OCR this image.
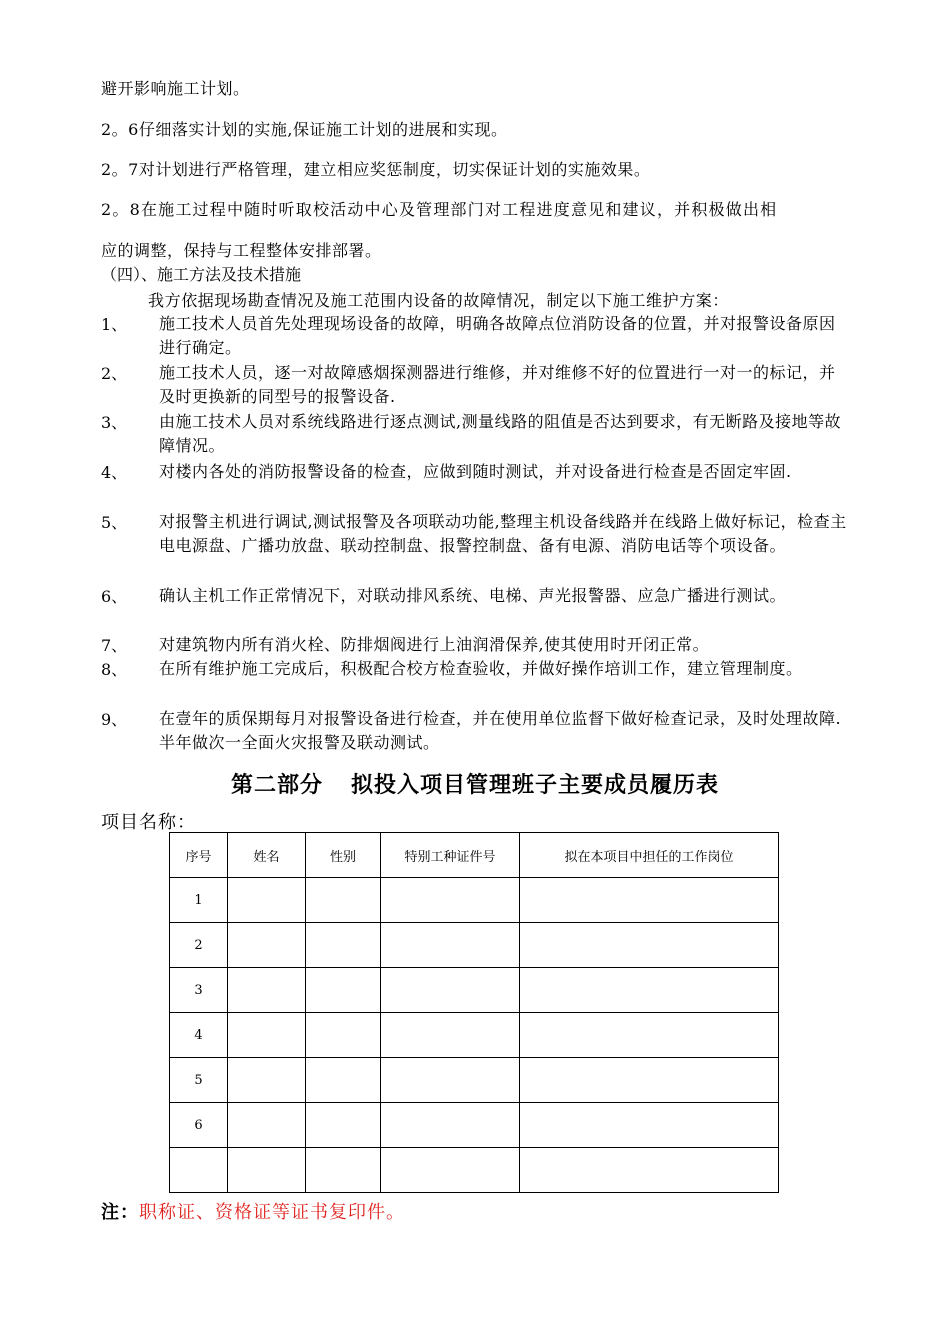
避开影响施工计划。
2。6仔细落实计划的实施,保证施工计划的进展和实现。
2。7对计划进行严格管理，建立相应奖惩制度，切实保证计划的实施效果。
2。8在施工过程中随时听取校活动中心及管理部门对工程进度意见和建议，并积极做出相
应的调整，保持与工程整体安排部署。
（四）、施工方法及技术措施
我方依据现场勘查情况及施工范围内设备的故障情况，制定以下施工维护方案：
1、 施工技术人员首先处理现场设备的故障，明确各故障点位消防设备的位置，并对报警设备原因进行确定。
2、 施工技术人员，逐一对故障感烟探测器进行维修，并对维修不好的位置进行一对一的标记，并及时更换新的同型号的报警设备.
3、 由施工技术人员对系统线路进行逐点测试,测量线路的阻值是否达到要求，有无断路及接地等故障情况。
4、 对楼内各处的消防报警设备的检查，应做到随时测试，并对设备进行检查是否固定牢固.
5、 对报警主机进行调试,测试报警及各项联动功能,整理主机设备线路并在线路上做好标记，检查主电电源盘、广播功放盘、联动控制盘、报警控制盘、备有电源、消防电话等个项设备。
6、 确认主机工作正常情况下，对联动排风系统、电梯、声光报警器、应急广播进行测试。
7、 对建筑物内所有消火栓、防排烟阀进行上油润滑保养,使其使用时开闭正常。
8、 在所有维护施工完成后，积极配合校方检查验收，并做好操作培训工作，建立管理制度。
9、 在壹年的质保期每月对报警设备进行检查，并在使用单位监督下做好检查记录，及时处理故障.半年做次一全面火灾报警及联动测试。
第二部分 拟投入项目管理班子主要成员履历表
项目名称：
序号	姓名	性别	特别工种证件号	拟在本项目中担任的工作岗位
1				
2				
3				
4				
5				
6				

注：职称证、资格证等证书复印件。
